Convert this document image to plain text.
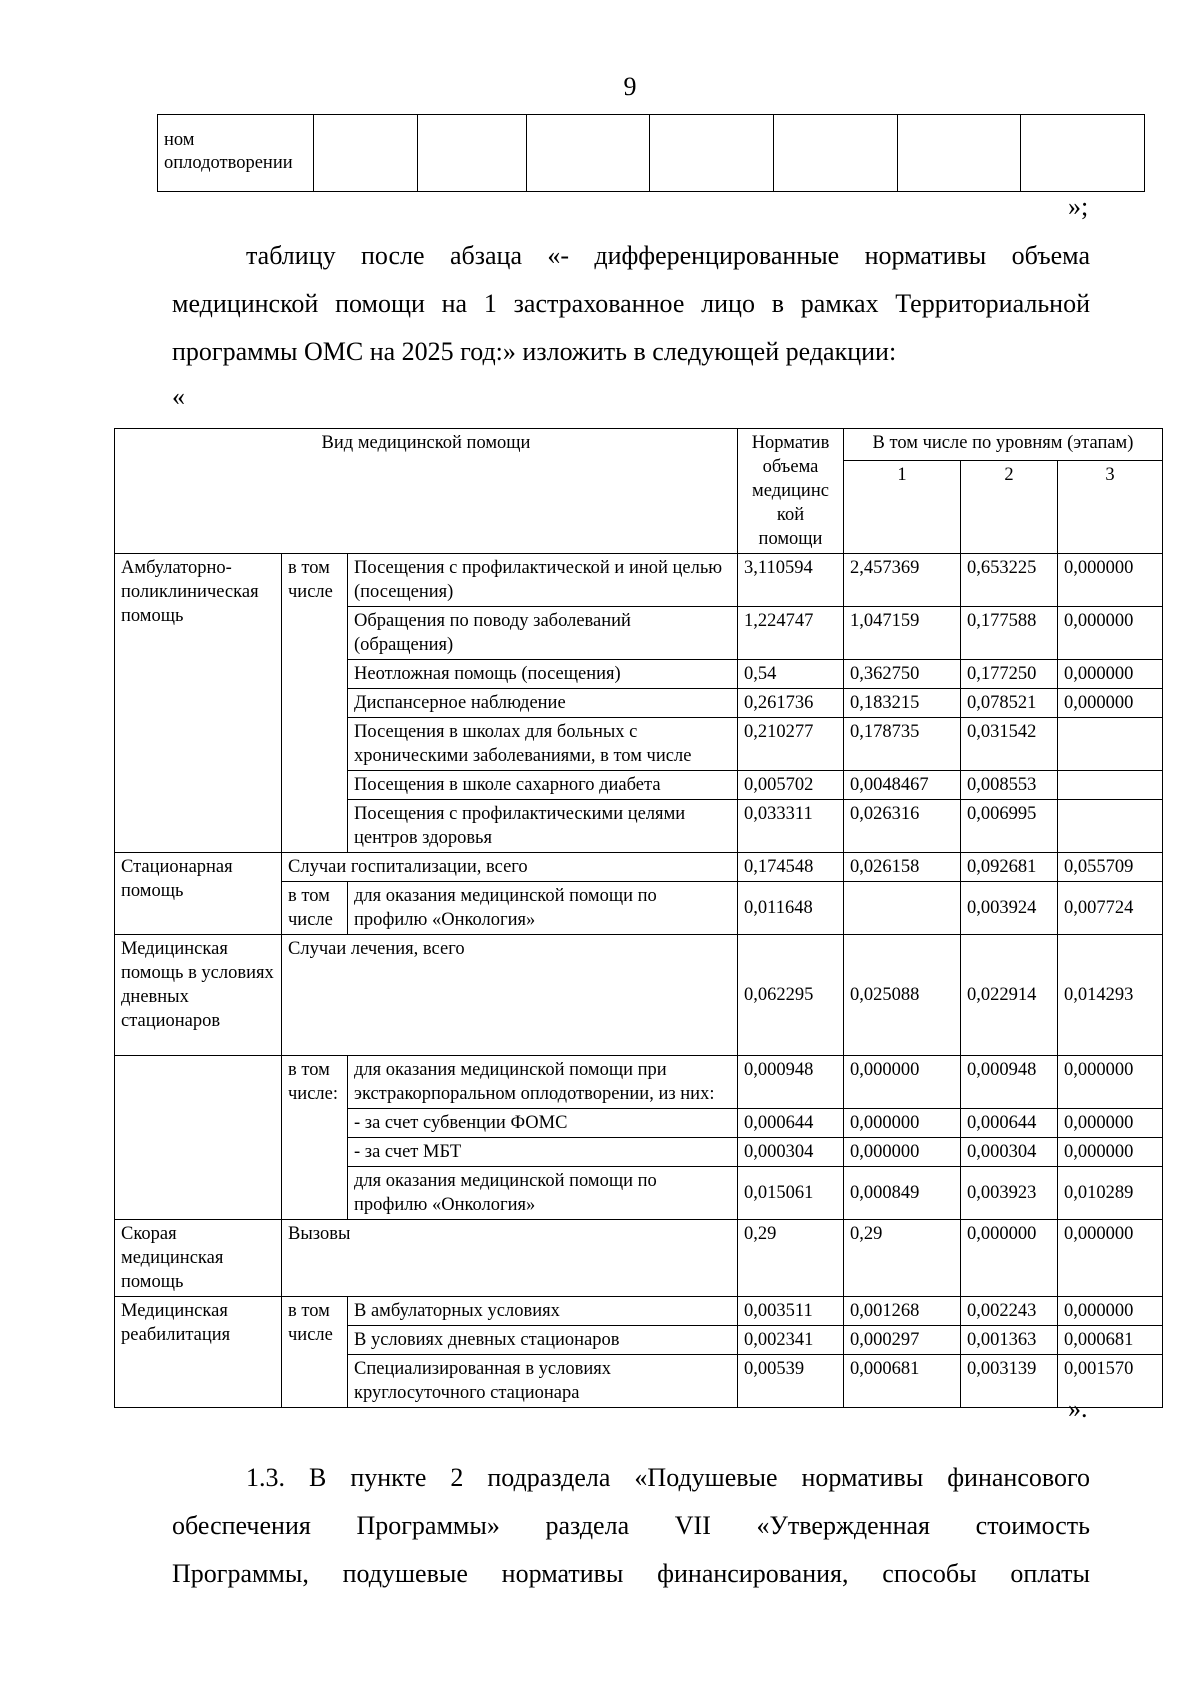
9
ном оплодотворении							
»;
таблицу после абзаца «- дифференцированные нормативы объема
медицинской помощи на 1 застрахованное лицо в рамках Территориальной
программы ОМС на 2025 год:» изложить в следующей редакции:
«
Вид медицинской помощи			Норматив объема медицинс кой помощи	В том числе по уровням (этапам)		
				1	2	3
Амбулаторно-поликлиническая помощь	в том числе	Посещения с профилактической и иной целью (посещения)	3,110594	2,457369	0,653225	0,000000
		Обращения по поводу заболеваний (обращения)	1,224747	1,047159	0,177588	0,000000
		Неотложная помощь (посещения)	0,54	0,362750	0,177250	0,000000
		Диспансерное наблюдение	0,261736	0,183215	0,078521	0,000000
		Посещения в школах для больных с хроническими заболеваниями, в том числе	0,210277	0,178735	0,031542	
		Посещения в школе сахарного диабета	0,005702	0,0048467	0,008553	
		Посещения с профилактическими целями центров здоровья	0,033311	0,026316	0,006995	
Стационарная помощь	Случаи госпитализации, всего		0,174548	0,026158	0,092681	0,055709
	в том числе	для оказания медицинской помощи по профилю «Онкология»	0,011648		0,003924	0,007724
Медицинская помощь в условиях дневных стационаров	Случаи лечения, всего		0,062295	0,025088	0,022914	0,014293
	в том числе:	для оказания медицинской помощи при экстракорпоральном оплодотворении, из них:	0,000948	0,000000	0,000948	0,000000
		- за счет субвенции ФОМС	0,000644	0,000000	0,000644	0,000000
		- за счет МБТ	0,000304	0,000000	0,000304	0,000000
		для оказания медицинской помощи по профилю «Онкология»	0,015061	0,000849	0,003923	0,010289
Скорая медицинская помощь	Вызовы		0,29	0,29	0,000000	0,000000
Медицинская реабилитация	в том числе	В амбулаторных условиях	0,003511	0,001268	0,002243	0,000000
		В условиях дневных стационаров	0,002341	0,000297	0,001363	0,000681
		Специализированная в условиях круглосуточного стационара	0,00539	0,000681	0,003139	0,001570
».
1.3. В пункте 2 подраздела «Подушевые нормативы финансового
обеспечения Программы» раздела VII «Утвержденная стоимость
Программы, подушевые нормативы финансирования, способы оплаты
